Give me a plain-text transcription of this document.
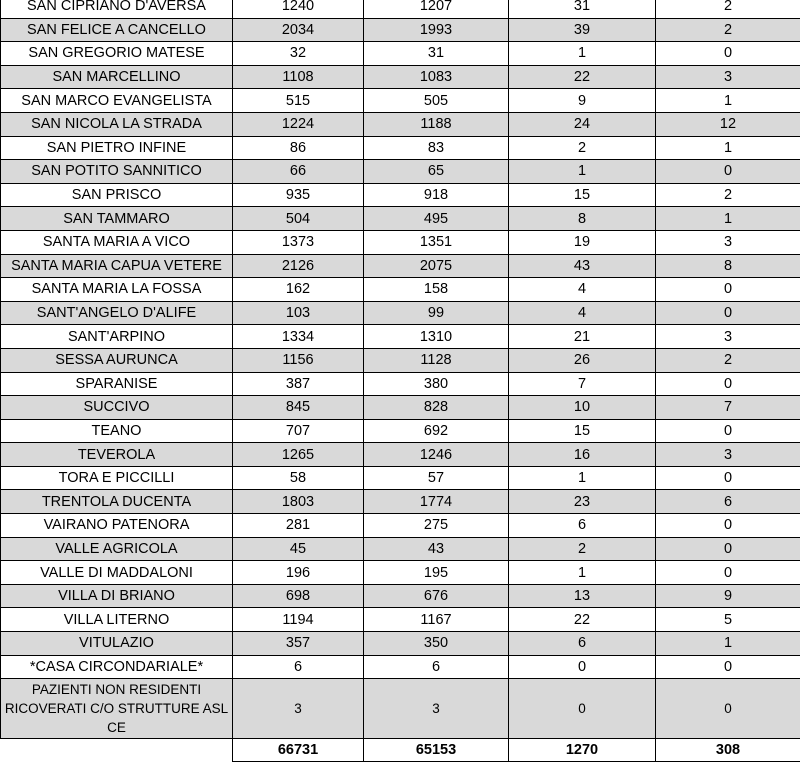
SAN CIPRIANO D'AVERSA	1240	1207	31	2
SAN FELICE A CANCELLO	2034	1993	39	2
SAN GREGORIO MATESE	32	31	1	0
SAN MARCELLINO	1108	1083	22	3
SAN MARCO EVANGELISTA	515	505	9	1
SAN NICOLA LA STRADA	1224	1188	24	12
SAN PIETRO INFINE	86	83	2	1
SAN POTITO SANNITICO	66	65	1	0
SAN PRISCO	935	918	15	2
SAN TAMMARO	504	495	8	1
SANTA MARIA A VICO	1373	1351	19	3
SANTA MARIA CAPUA VETERE	2126	2075	43	8
SANTA MARIA LA FOSSA	162	158	4	0
SANT'ANGELO D'ALIFE	103	99	4	0
SANT'ARPINO	1334	1310	21	3
SESSA AURUNCA	1156	1128	26	2
SPARANISE	387	380	7	0
SUCCIVO	845	828	10	7
TEANO	707	692	15	0
TEVEROLA	1265	1246	16	3
TORA E PICCILLI	58	57	1	0
TRENTOLA DUCENTA	1803	1774	23	6
VAIRANO PATENORA	281	275	6	0
VALLE AGRICOLA	45	43	2	0
VALLE DI MADDALONI	196	195	1	0
VILLA DI BRIANO	698	676	13	9
VILLA LITERNO	1194	1167	22	5
VITULAZIO	357	350	6	1
*CASA CIRCONDARIALE*	6	6	0	0
PAZIENTI NON RESIDENTI RICOVERATI C/O STRUTTURE ASL CE	3	3	0	0
	66731	65153	1270	308
